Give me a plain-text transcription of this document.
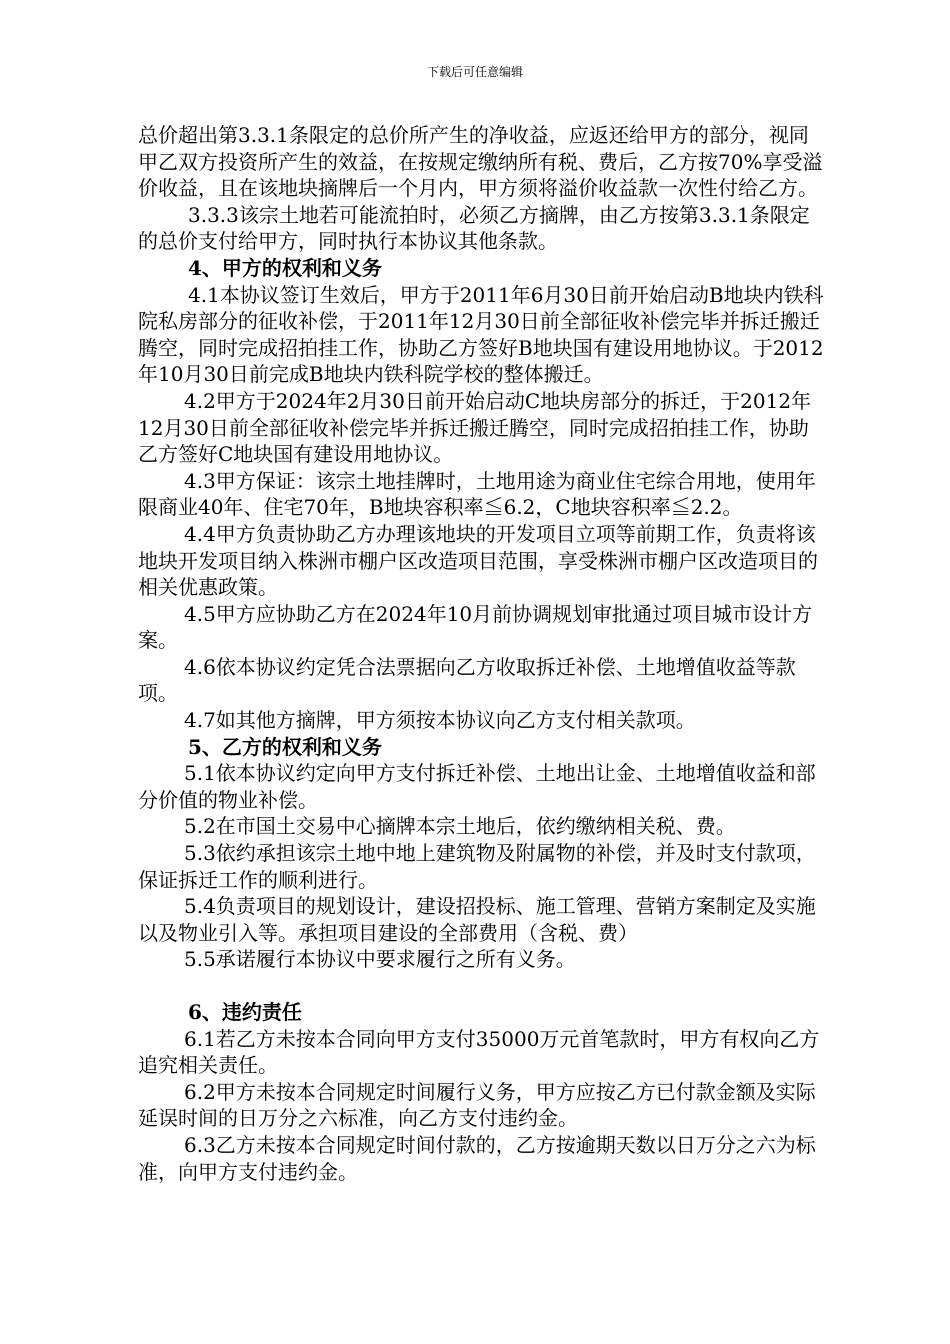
下载后可任意编辑

总价超出第3.3.1条限定的总价所产生的净收益，应返还给甲方的部分，视同甲乙双方投资所产生的效益，在按规定缴纳所有税、费后，乙方按70%享受溢价收益，且在该地块摘牌后一个月内，甲方须将溢价收益款一次性付给乙方。

3.3.3该宗土地若可能流拍时，必须乙方摘牌，由乙方按第3.3.1条限定的总价支付给甲方，同时执行本协议其他条款。

4、甲方的权利和义务

4.1本协议签订生效后，甲方于2011年6月30日前开始启动B地块内铁科院私房部分的征收补偿，于2011年12月30日前全部征收补偿完毕并拆迁搬迁腾空，同时完成招拍挂工作，协助乙方签好B地块国有建设用地协议。于2012年10月30日前完成B地块内铁科院学校的整体搬迁。

4.2甲方于2024年2月30日前开始启动C地块房部分的拆迁，于2012年12月30日前全部征收补偿完毕并拆迁搬迁腾空，同时完成招拍挂工作，协助乙方签好C地块国有建设用地协议。

4.3甲方保证：该宗土地挂牌时，土地用途为商业住宅综合用地，使用年限商业40年、住宅70年，B地块容积率≦6.2，C地块容积率≦2.2。

4.4甲方负责协助乙方办理该地块的开发项目立项等前期工作，负责将该地块开发项目纳入株洲市棚户区改造项目范围，享受株洲市棚户区改造项目的相关优惠政策。

4.5甲方应协助乙方在2024年10月前协调规划审批通过项目城市设计方案。

4.6依本协议约定凭合法票据向乙方收取拆迁补偿、土地增值收益等款项。

4.7如其他方摘牌，甲方须按本协议向乙方支付相关款项。

5、乙方的权利和义务

5.1依本协议约定向甲方支付拆迁补偿、土地出让金、土地增值收益和部分价值的物业补偿。

5.2在市国土交易中心摘牌本宗土地后，依约缴纳相关税、费。

5.3依约承担该宗土地中地上建筑物及附属物的补偿，并及时支付款项，保证拆迁工作的顺利进行。

5.4负责项目的规划设计，建设招投标、施工管理、营销方案制定及实施以及物业引入等。承担项目建设的全部费用（含税、费）

5.5承诺履行本协议中要求履行之所有义务。

6、违约责任

6.1若乙方未按本合同向甲方支付35000万元首笔款时，甲方有权向乙方追究相关责任。

6.2甲方未按本合同规定时间履行义务，甲方应按乙方已付款金额及实际延误时间的日万分之六标准，向乙方支付违约金。

6.3乙方未按本合同规定时间付款的，乙方按逾期天数以日万分之六为标准，向甲方支付违约金。
